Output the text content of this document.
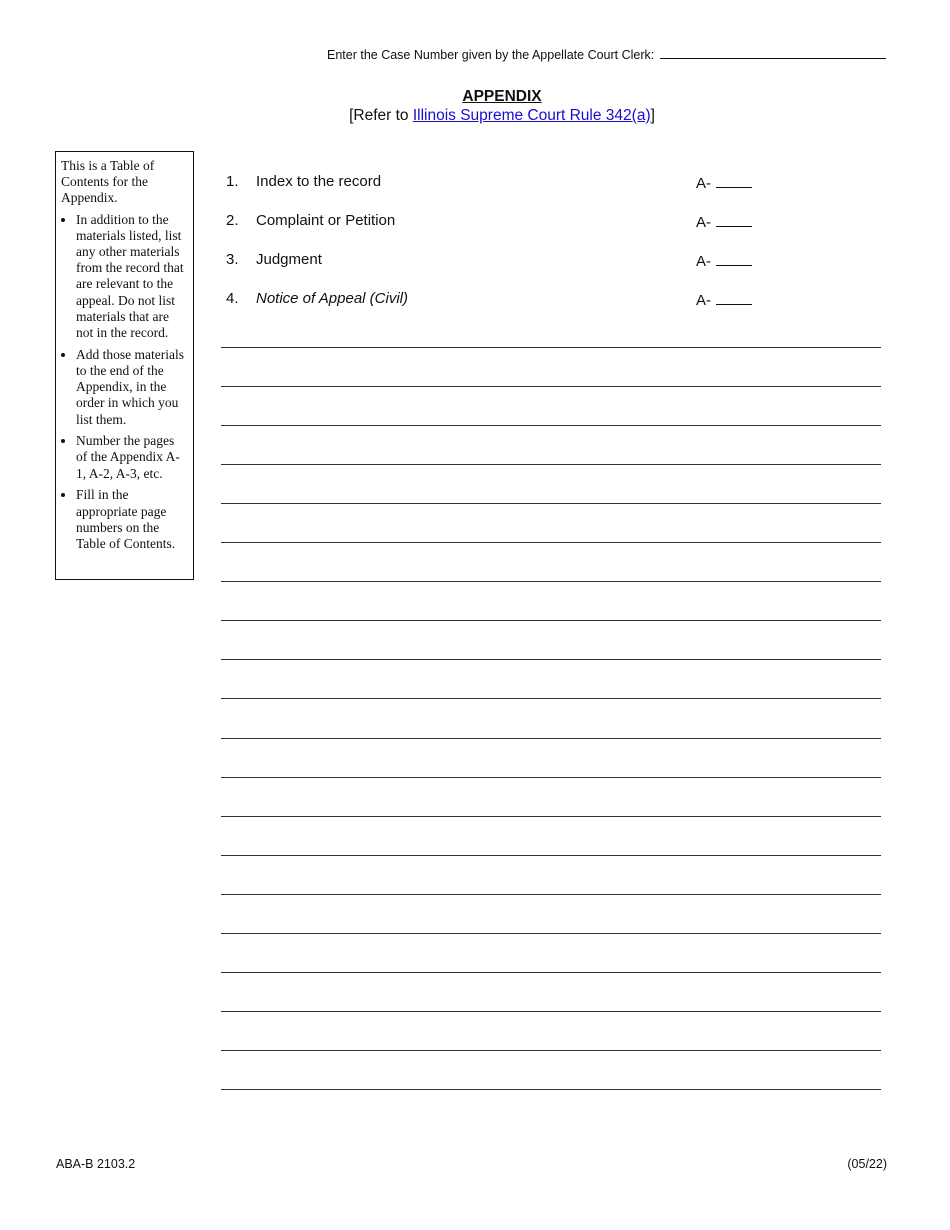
Enter the Case Number given by the Appellate Court Clerk:
APPENDIX
[Refer to Illinois Supreme Court Rule 342(a)]

This is a Table of Contents for the Appendix.

• In addition to the materials listed, list any other materials from the record that are relevant to the appeal. Do not list materials that are not in the record.
• Add those materials to the end of the Appendix, in the order in which you list them.
• Number the pages of the Appendix A-1, A-2, A-3, etc.
• Fill in the appropriate page numbers on the Table of Contents.
1. Index to the record	A-
2. Complaint or Petition	A-
3. Judgment	A-
4. Notice of Appeal (Civil)	A-
ABA-B 2103.2	(05/22)
